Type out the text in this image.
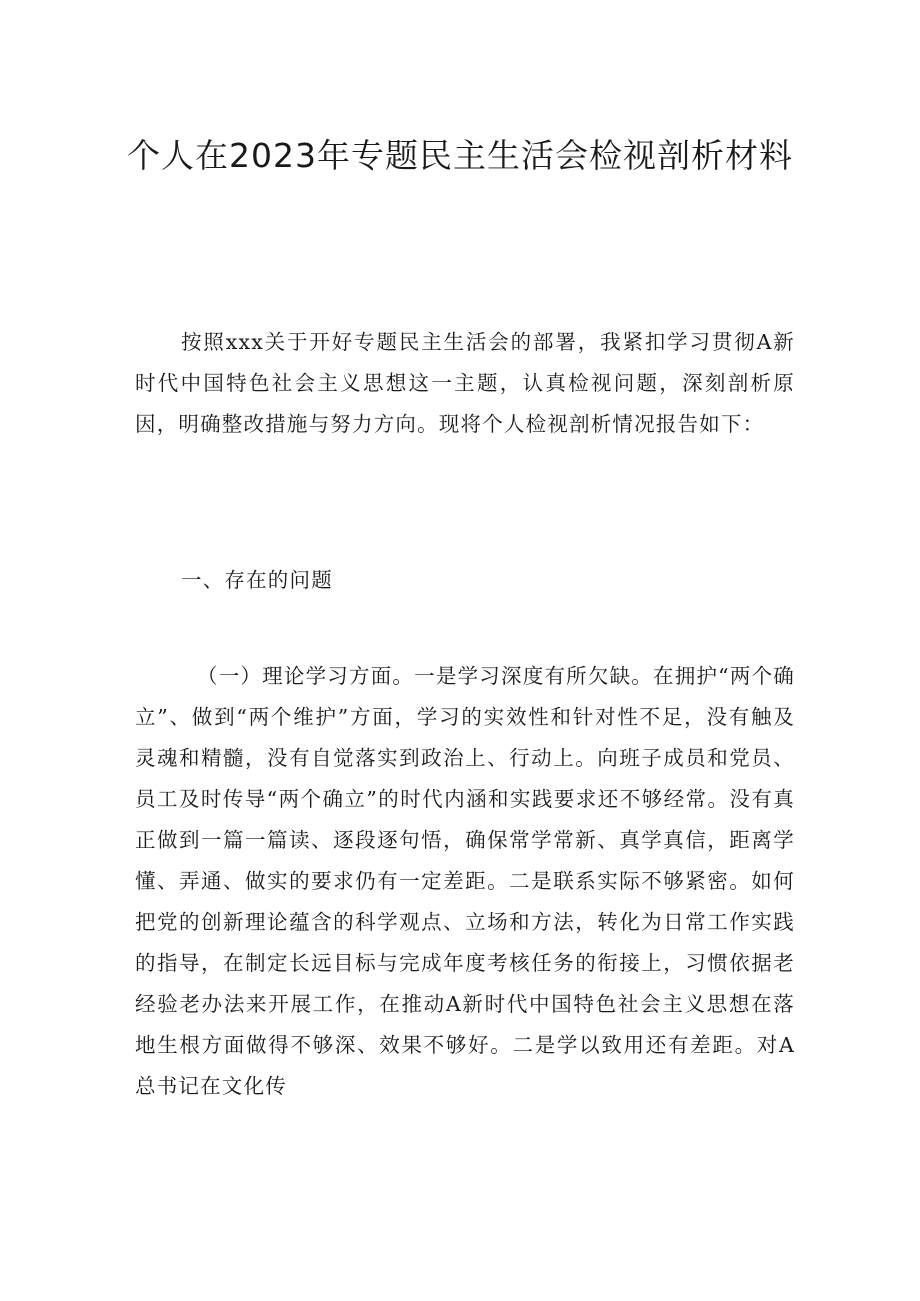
个人在2023年专题民主生活会检视剖析材料

按照xxx关于开好专题民主生活会的部署，我紧扣学习贯彻A新时代中国特色社会主义思想这一主题，认真检视问题，深刻剖析原因，明确整改措施与努力方向。现将个人检视剖析情况报告如下：

一、存在的问题

（一）理论学习方面。一是学习深度有所欠缺。在拥护“两个确立”、做到“两个维护”方面，学习的实效性和针对性不足，没有触及灵魂和精髓，没有自觉落实到政治上、行动上。向班子成员和党员、员工及时传导“两个确立”的时代内涵和实践要求还不够经常。没有真正做到一篇一篇读、逐段逐句悟，确保常学常新、真学真信，距离学懂、弄通、做实的要求仍有一定差距。二是联系实际不够紧密。如何把党的创新理论蕴含的科学观点、立场和方法，转化为日常工作实践的指导，在制定长远目标与完成年度考核任务的衔接上，习惯依据老经验老办法来开展工作，在推动A新时代中国特色社会主义思想在落地生根方面做得不够深、效果不够好。二是学以致用还有差距。对A总书记在文化传
